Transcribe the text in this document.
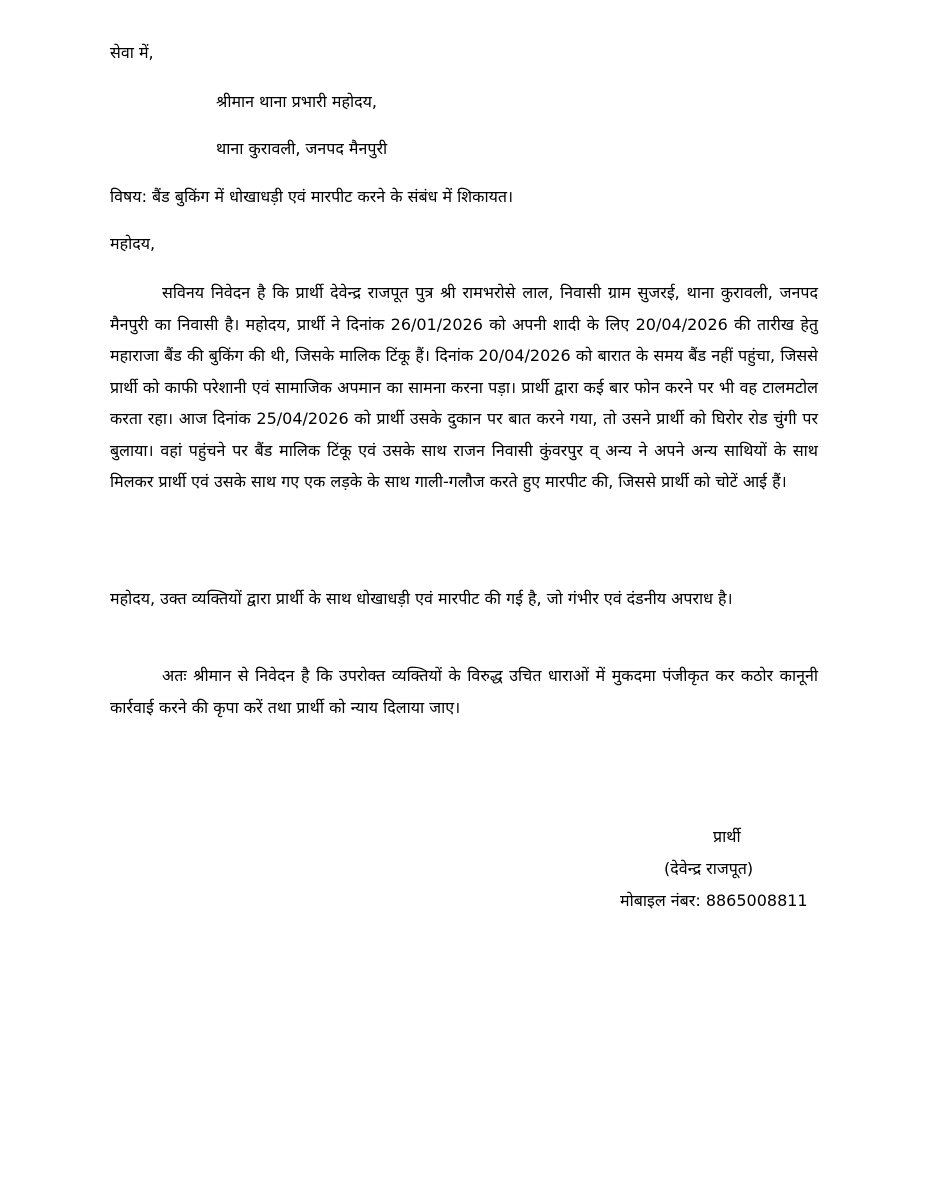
सेवा में,
श्रीमान थाना प्रभारी महोदय,
थाना कुरावली, जनपद मैनपुरी
विषय: बैंड बुकिंग में धोखाधड़ी एवं मारपीट करने के संबंध में शिकायत।
महोदय,
सविनय निवेदन है कि प्रार्थी देवेन्द्र राजपूत पुत्र श्री रामभरोसे लाल, निवासी ग्राम सुजरई, थाना कुरावली, जनपद मैनपुरी का निवासी है। महोदय, प्रार्थी ने दिनांक 26/01/2026 को अपनी शादी के लिए 20/04/2026 की तारीख हेतु महाराजा बैंड की बुकिंग की थी, जिसके मालिक टिंकू हैं। दिनांक 20/04/2026 को बारात के समय बैंड नहीं पहुंचा, जिससे प्रार्थी को काफी परेशानी एवं सामाजिक अपमान का सामना करना पड़ा। प्रार्थी द्वारा कई बार फोन करने पर भी वह टालमटोल करता रहा। आज दिनांक 25/04/2026 को प्रार्थी उसके दुकान पर बात करने गया, तो उसने प्रार्थी को घिरोर रोड चुंगी पर बुलाया। वहां पहुंचने पर बैंड मालिक टिंकू एवं उसके साथ राजन निवासी कुंवरपुर व् अन्य ने अपने अन्य साथियों के साथ मिलकर प्रार्थी एवं उसके साथ गए एक लड़के के साथ गाली-गलौज करते हुए मारपीट की, जिससे प्रार्थी को चोटें आई हैं।
महोदय, उक्त व्यक्तियों द्वारा प्रार्थी के साथ धोखाधड़ी एवं मारपीट की गई है, जो गंभीर एवं दंडनीय अपराध है।
अतः श्रीमान से निवेदन है कि उपरोक्त व्यक्तियों के विरुद्ध उचित धाराओं में मुकदमा पंजीकृत कर कठोर कानूनी कार्रवाई करने की कृपा करें तथा प्रार्थी को न्याय दिलाया जाए।
प्रार्थी
(देवेन्द्र राजपूत)
मोबाइल नंबर: 8865008811
